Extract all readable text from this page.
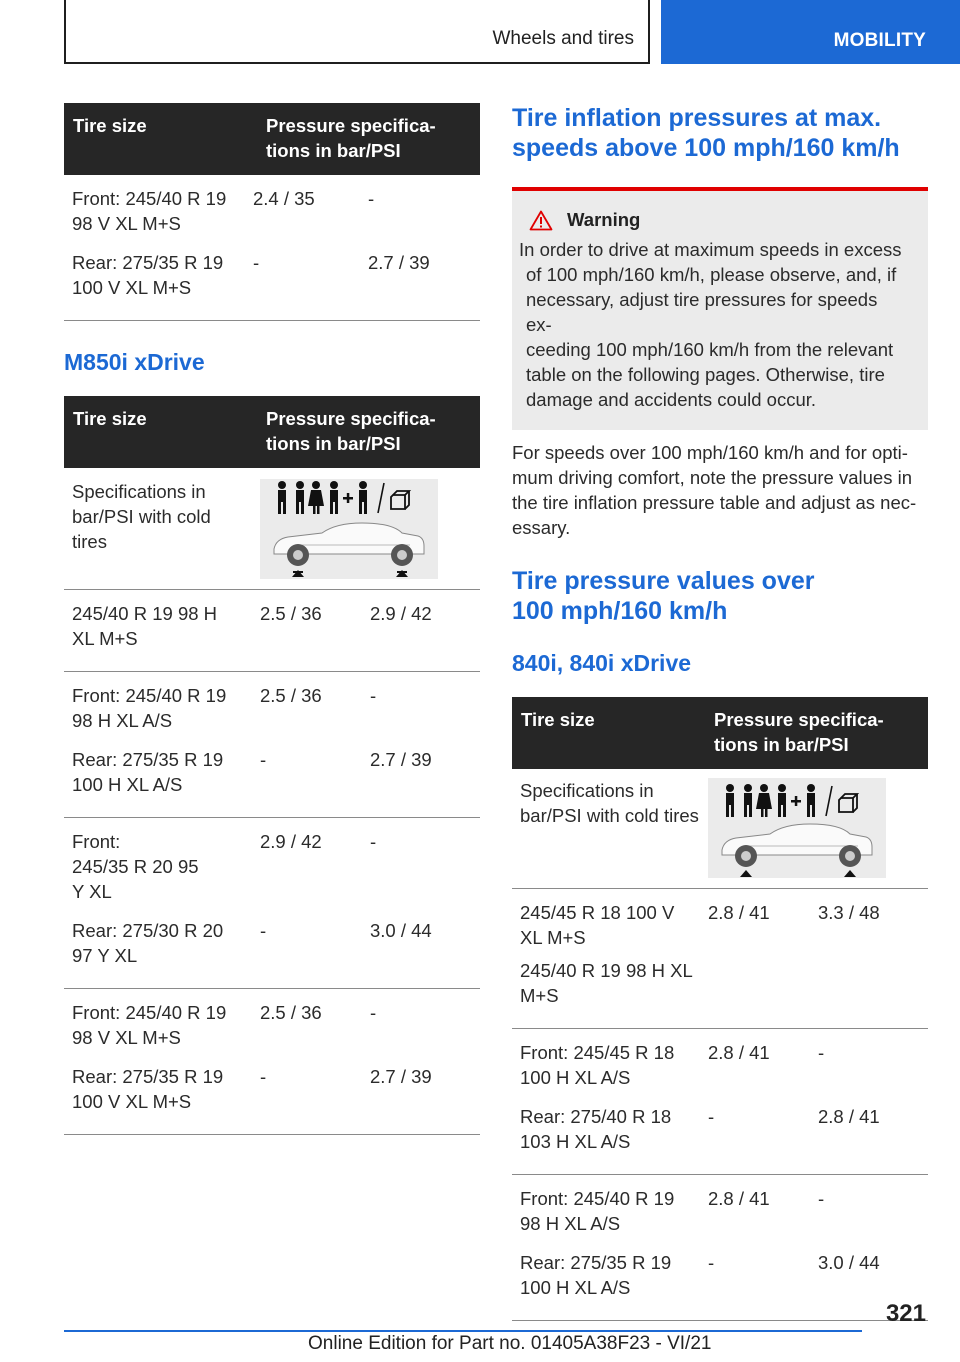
Wheels and tires	MOBILITY
Tire size	Pressure specifica-
tions in bar/PSI
Front: 245/40 R 19
98 V XL M+S
2.4 / 35	-
Rear: 275/35 R 19
100 V XL M+S
-	2.7 / 39
M850i xDrive
Tire size	Pressure specifica-
tions in bar/PSI
Specifications in
bar/PSI with cold
tires
245/40 R 19 98 H
XL M+S
2.5 / 36	2.9 / 42
Front: 245/40 R 19
98 H XL A/S
2.5 / 36	-
Rear: 275/35 R 19
100 H XL A/S
-	2.7 / 39
Front:
245/35 R 20 95
Y XL
2.9 / 42	-
Rear: 275/30 R 20
97 Y XL
-	3.0 / 44
Front: 245/40 R 19
98 V XL M+S
2.5 / 36	-
Rear: 275/35 R 19
100 V XL M+S
-	2.7 / 39
Tire inflation pressures at max.
speeds above 100 mph/160 km/h
Warning
In order to drive at maximum speeds in excess
of 100 mph/160 km/h, please observe, and, if
necessary, adjust tire pressures for speeds ex-
ceeding 100 mph/160 km/h from the relevant
table on the following pages. Otherwise, tire
damage and accidents could occur.
For speeds over 100 mph/160 km/h and for opti-
mum driving comfort, note the pressure values in
the tire inflation pressure table and adjust as nec-
essary.
Tire pressure values over
100 mph/160 km/h
840i, 840i xDrive
Tire size	Pressure specifica-
tions in bar/PSI
Specifications in
bar/PSI with cold tires
245/45 R 18 100 V
XL M+S
245/40 R 19 98 H XL
M+S
2.8 / 41	3.3 / 48
Front: 245/45 R 18
100 H XL A/S
2.8 / 41	-
Rear: 275/40 R 18
103 H XL A/S
-	2.8 / 41
Front: 245/40 R 19
98 H XL A/S
2.8 / 41	-
Rear: 275/35 R 19
100 H XL A/S
-	3.0 / 44
321
Online Edition for Part no. 01405A38F23 - VI/21
